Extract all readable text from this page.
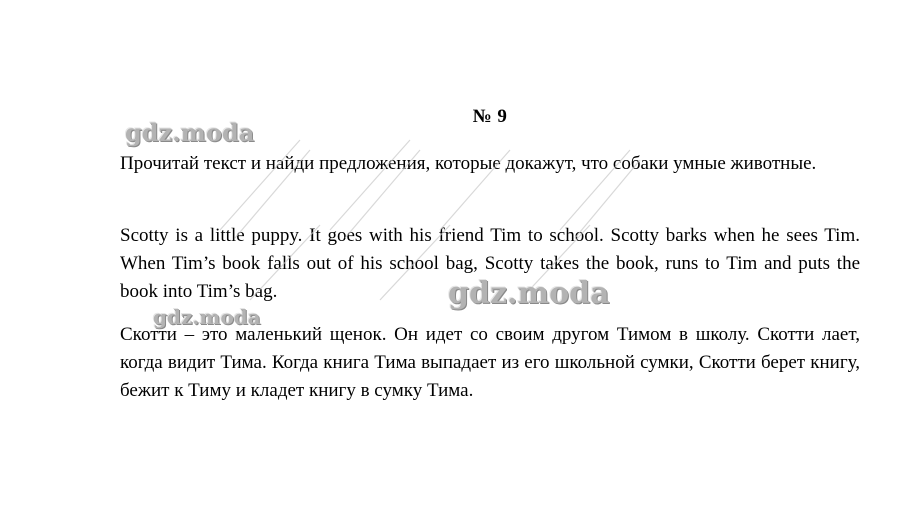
№ 9
Прочитай текст и найди предложения, которые докажут, что собаки умные животные.
Scotty is a little puppy. It goes with his friend Tim to school. Scotty barks when he sees Tim. When Tim’s book falls out of his school bag, Scotty takes the book, runs to Tim and puts the book into Tim’s bag.
Скотти – это маленький щенок. Он идет со своим другом Тимом в школу. Скотти лает, когда видит Тима. Когда книга Тима выпадает из его школьной сумки, Скотти берет книгу, бежит к Тиму и кладет книгу в сумку Тима.
gdz.moda
gdz.moda
gdz.moda
